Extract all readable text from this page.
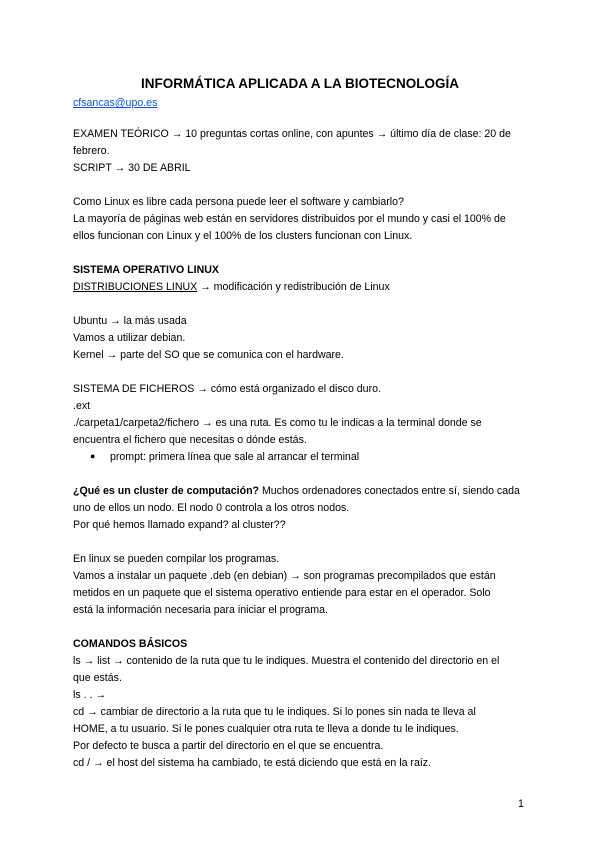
INFORMÁTICA APLICADA A LA BIOTECNOLOGÍA
cfsancas@upo.es
EXAMEN TEÓRICO → 10 preguntas cortas online, con apuntes → último día de clase: 20 de
febrero.
SCRIPT → 30 DE ABRIL
Como Linux es libre cada persona puede leer el software y cambiarlo?
La mayoría de páginas web están en servidores distribuidos por el mundo y casi el 100% de
ellos funcionan con Linux y el 100% de los clusters funcionan con Linux.
SISTEMA OPERATIVO LINUX
DISTRIBUCIONES LINUX → modificación y redistribución de Linux
Ubuntu → la más usada
Vamos a utilizar debian.
Kernel → parte del SO que se comunica con el hardware.
SISTEMA DE FICHEROS → cómo está organizado el disco duro.
.ext
./carpeta1/carpeta2/fichero → es una ruta. Es como tu le indicas a la terminal donde se
encuentra el fichero que necesitas o dónde estás.
● prompt: primera línea que sale al arrancar el terminal
¿Qué es un cluster de computación? Muchos ordenadores conectados entre sí, siendo cada
uno de ellos un nodo. El nodo 0 controla a los otros nodos.
Por qué hemos llamado expand? al cluster??
En linux se pueden compilar los programas.
Vamos a instalar un paquete .deb (en debian) → son programas precompilados que están
metidos en un paquete que el sistema operativo entiende para estar en el operador. Solo
está la información necesaria para iniciar el programa.
COMANDOS BÁSICOS
ls → list → contenido de la ruta que tu le indiques. Muestra el contenido del directorio en el
que estás.
ls . . →
cd → cambiar de directorio a la ruta que tu le indiques. Si lo pones sin nada te lleva al
HOME, a tu usuario. Si le pones cualquier otra ruta te lleva a donde tu le indiques.
Por defecto te busca a partir del directorio en el que se encuentra.
cd / → el host del sistema ha cambiado, te está diciendo que está en la raíz.
1
